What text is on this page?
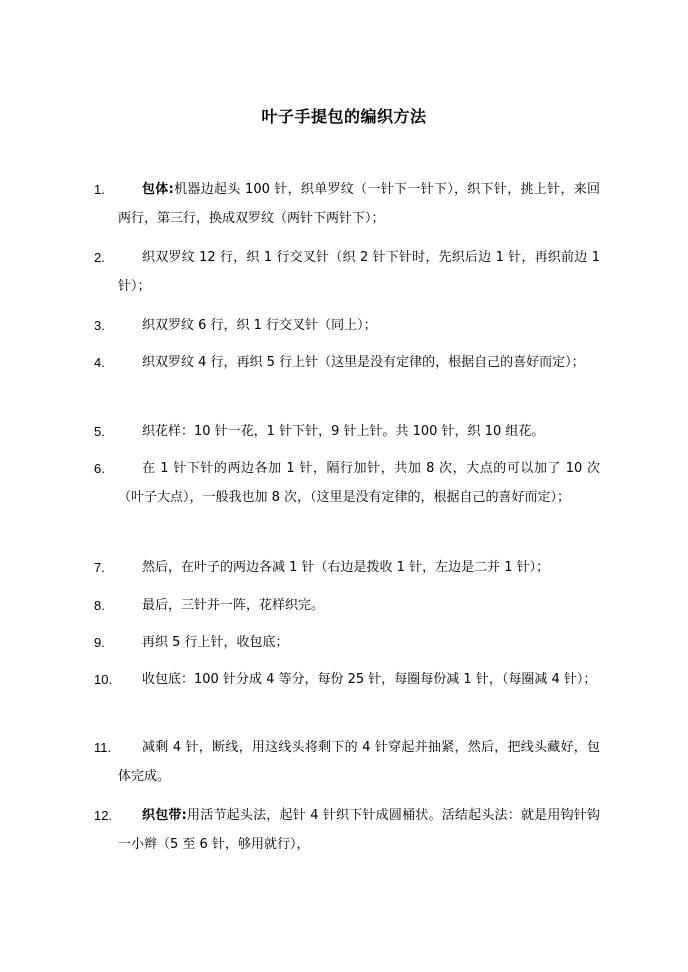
叶子手提包的编织方法
1.	包体:机器边起头 100 针，织单罗纹（一针下一针下），织下针，挑上针，来回两行，第三行，换成双罗纹（两针下两针下）；
2.	织双罗纹 12 行，织 1 行交叉针（织 2 针下针时，先织后边 1 针，再织前边 1 针）；
3.	织双罗纹 6 行，织 1 行交叉针（同上）；
4.	织双罗纹 4 行，再织 5 行上针（这里是没有定律的，根据自己的喜好而定）；
5.	织花样：10 针一花，1 针下针，9 针上针。共 100 针，织 10 组花。
6.	在 1 针下针的两边各加 1 针，隔行加针，共加 8 次，大点的可以加了 10 次（叶子大点），一般我也加 8 次，（这里是没有定律的，根据自己的喜好而定）；
7.	然后，在叶子的两边各减 1 针（右边是拨收 1 针，左边是二并 1 针）；
8.	最后，三针并一阵，花样织完。
9.	再织 5 行上针，收包底；
10.	收包底：100 针分成 4 等分，每份 25 针，每圈每份减 1 针，（每圈减 4 针）；
11.	减剩 4 针，断线，用这线头将剩下的 4 针穿起并抽紧，然后，把线头藏好，包体完成。
12.	织包带:用活节起头法，起针 4 针织下针成圆桶状。活结起头法：就是用钩针钩一小辫（5 至 6 针，够用就行），
